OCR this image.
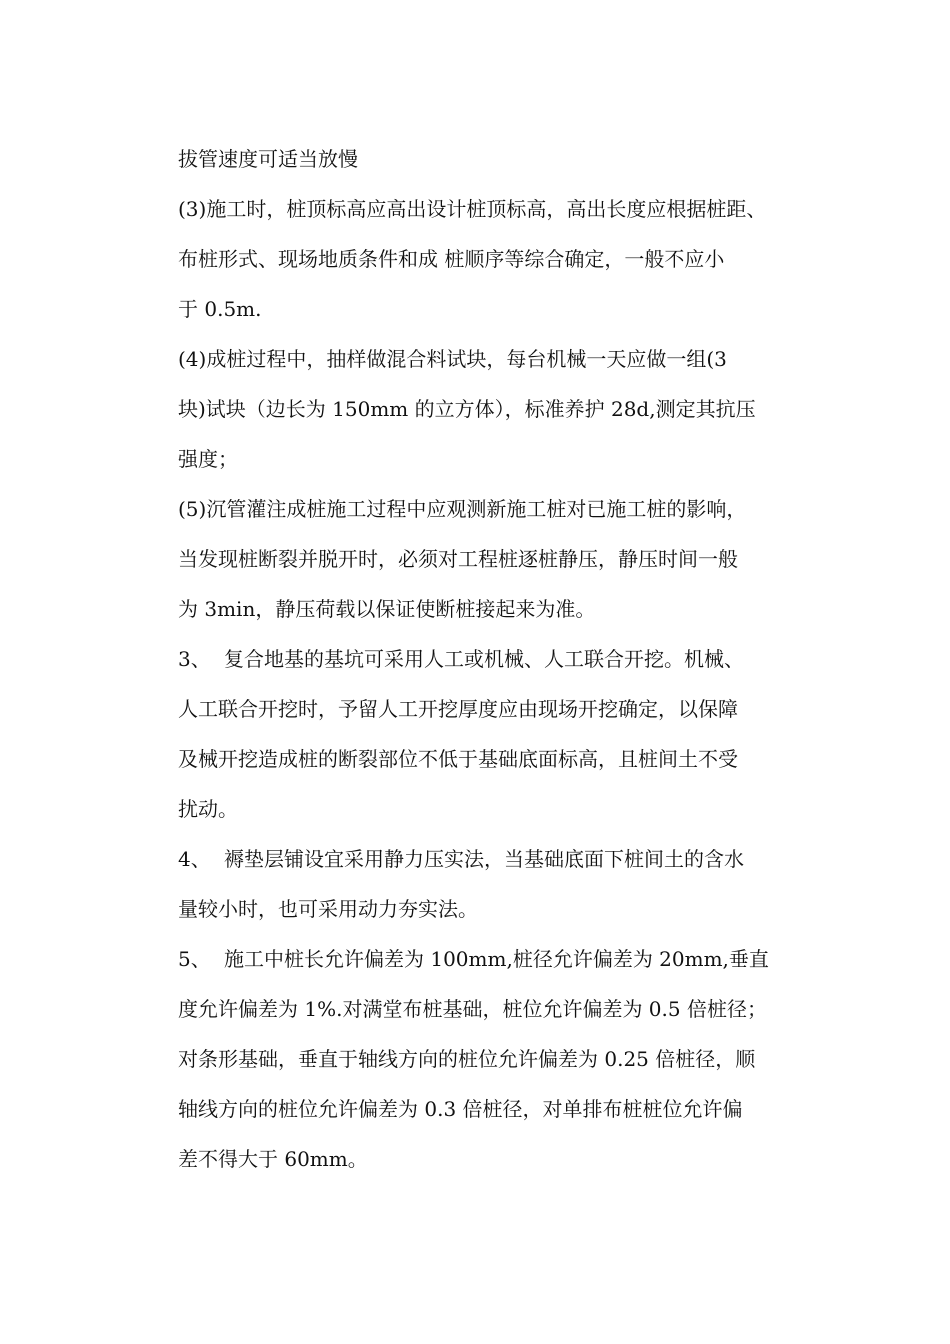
拔管速度可适当放慢
(3)施工时，桩顶标高应高出设计桩顶标高，高出长度应根据桩距、
布桩形式、现场地质条件和成 桩顺序等综合确定，一般不应小
于 0.5m.
(4)成桩过程中，抽样做混合料试块，每台机械一天应做一组(3
块)试块（边长为 150mm 的立方体），标准养护 28d,测定其抗压
强度；
(5)沉管灌注成桩施工过程中应观测新施工桩对已施工桩的影响，
当发现桩断裂并脱开时，必须对工程桩逐桩静压，静压时间一般
为 3min，静压荷载以保证使断桩接起来为准。
3、 复合地基的基坑可采用人工或机械、人工联合开挖。机械、
人工联合开挖时，予留人工开挖厚度应由现场开挖确定，以保障
及械开挖造成桩的断裂部位不低于基础底面标高，且桩间土不受
扰动。
4、 褥垫层铺设宜采用静力压实法，当基础底面下桩间土的含水
量较小时，也可采用动力夯实法。
5、 施工中桩长允许偏差为 100mm,桩径允许偏差为 20mm,垂直
度允许偏差为 1%.对满堂布桩基础，桩位允许偏差为 0.5 倍桩径；
对条形基础，垂直于轴线方向的桩位允许偏差为 0.25 倍桩径，顺
轴线方向的桩位允许偏差为 0.3 倍桩径，对单排布桩桩位允许偏
差不得大于 60mm。
